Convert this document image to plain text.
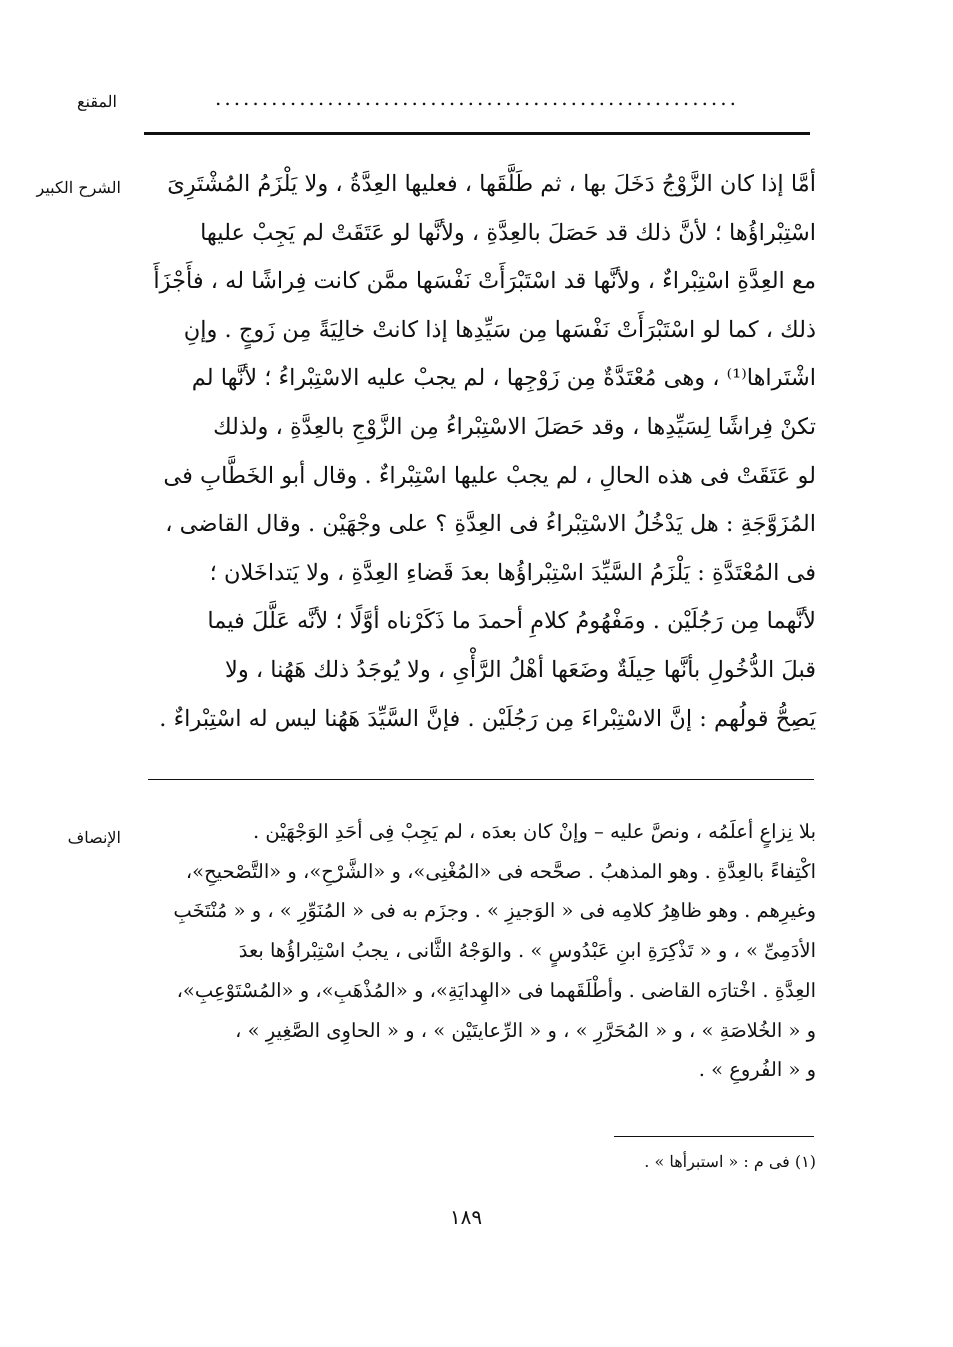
المقنع	........................................................
الشرح الكبير	أمَّا إذا كان الزَّوْجُ دَخَلَ بها ، ثم طَلَّقَها ، فعليها العِدَّةُ ، ولا يَلْزَمُ المُشْتَرِىَ

اسْتِبْراؤُها ؛ لأنَّ ذلك قد حَصَلَ بالعِدَّةِ ، ولأنَّها لو عَتَقَتْ لم يَجِبْ عليها

مع العِدَّةِ اسْتِبْراءٌ ، ولأنَّها قد اسْتَبْرَأَتْ نَفْسَها ممَّن كانت فِراشًا له ، فأَجْزَأَ

ذلك ، كما لو اسْتَبْرَأَتْ نَفْسَها مِن سَيِّدِها إذا كانتْ خالِيَةً مِن زَوجٍ . وإنِ

اشْتَراها⁽¹⁾ ، وهى مُعْتَدَّةٌ مِن زَوْجِها ، لم يجبْ عليه الاسْتِبْراءُ ؛ لأنَّها لم

تكنْ فِراشًا لِسَيِّدِها ، وقد حَصَلَ الاسْتِبْراءُ مِن الزَّوْجِ بالعِدَّةِ ، ولذلك

لو عَتَقَتْ فى هذه الحالِ ، لم يجبْ عليها اسْتِبْراءٌ . وقال أبو الخَطَّابِ فى

المُزَوَّجَةِ : هل يَدْخُلُ الاسْتِبْراءُ فى العِدَّةِ ؟ على وجْهَيْن . وقال القاضى ،

فى المُعْتَدَّةِ : يَلْزَمُ السَّيِّدَ اسْتِبْراؤُها بعدَ قَضاءِ العِدَّةِ ، ولا يَتداخَلان ؛

لأنَّهما مِن رَجُلَيْن . ومَفْهُومُ كلامِ أحمدَ ما ذَكَرْناه أوَّلًا ؛ لأنَّه عَلَّلَ فيما

قبلَ الدُّخُولِ بأنَّها حِيلَةٌ وضَعَها أهْلُ الرَّأْىِ ، ولا يُوجَدُ ذلك هَهُنا ، ولا

يَصِحُّ قولُهم : إنَّ الاسْتِبْراءَ مِن رَجُلَيْن . فإنَّ السَّيِّدَ هَهُنا ليس له اسْتِبْراءٌ .

الإنصاف	بلا نِزاعٍ أعلَمُه ، ونصَّ عليه – وإنْ كان بعدَه ، لم يَجِبْ فِى أحَدِ الوَجْهَيْن .

اكْتِفاءً بالعِدَّةِ . وهو المذهبُ . صحَّحه فى «المُغْنِى»، و «الشَّرْحِ»، و «التَّصْحيحِ»،

وغيرِهم . وهو ظاهِرُ كلامِه فى « الوَجيزِ » . وجزَم به فى « المُنَوِّرِ » ، و « مُنْتَخَبِ

الأدَمِىِّ » ، و « تَذْكِرَةِ ابنِ عَبْدُوسٍ » . والوَجْهُ الثَّانى ، يجبُ اسْتِبْراؤُها بعدَ

العِدَّةِ . اخْتارَه القاضى . وأطْلَقَهما فى «الهِدايَةِ»، و «المُذْهَبِ»، و «المُسْتَوْعِبِ»،

و « الخُلاصَةِ » ، و « المُحَرَّرِ » ، و « الرِّعايتَيْن » ، و « الحاوِى الصَّغِيرِ » ،

و « الفُروعِ » .

(١) فى م : « استبرأها » .
١٨٩
